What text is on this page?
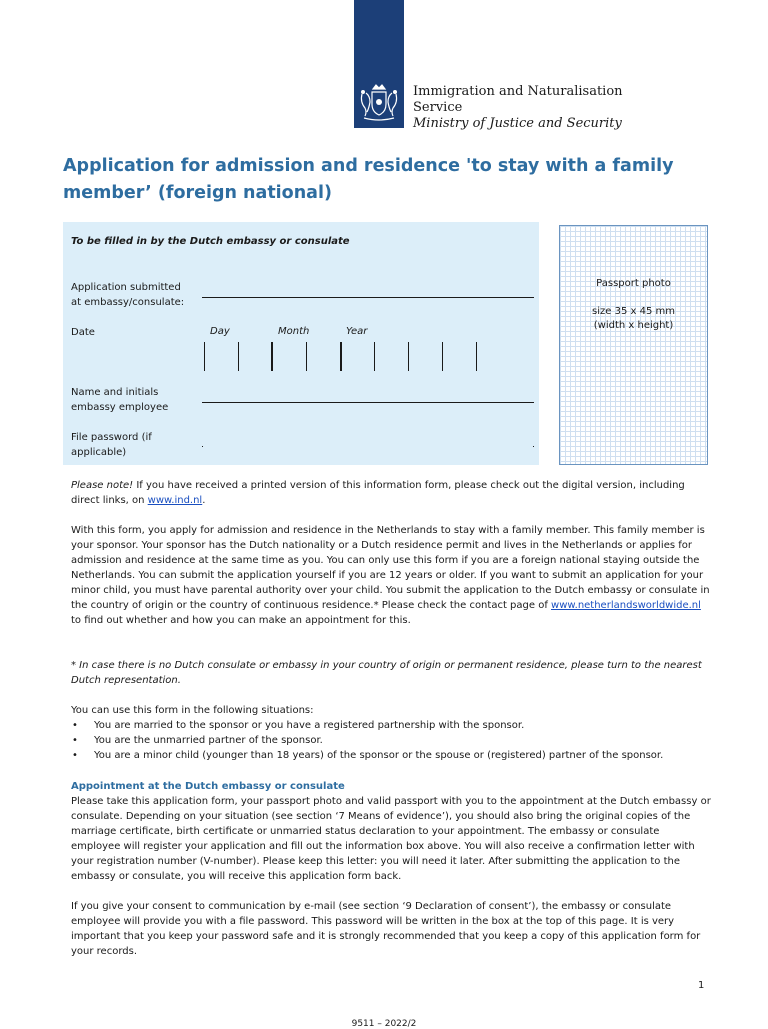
Immigration and Naturalisation
Service
Ministry of Justice and Security
Application for admission and residence 'to stay with a family member’ (foreign national)
To be filled in by the Dutch embassy or consulate
Application submitted
at embassy/consulate:
Date	Day	Month	Year
Name and initials
embassy employee
File password (if
applicable)
Passport photo
size 35 x 45 mm
(width x height)

Please note! If you have received a printed version of this information form, please check out the digital version, including direct links, on www.ind.nl.

With this form, you apply for admission and residence in the Netherlands to stay with a family member. This family member is your sponsor. Your sponsor has the Dutch nationality or a Dutch residence permit and lives in the Netherlands or applies for admission and residence at the same time as you. You can only use this form if you are a foreign national staying outside the Netherlands. You can submit the application yourself if you are 12 years or older. If you want to submit an application for your minor child, you must have parental authority over your child. You submit the application to the Dutch embassy or consulate in the country of origin or the country of continuous residence.* Please check the contact page of www.netherlandsworldwide.nl to find out whether and how you can make an appointment for this.

* In case there is no Dutch consulate or embassy in your country of origin or permanent residence, please turn to the nearest Dutch representation.

You can use this form in the following situations:

• You are married to the sponsor or you have a registered partnership with the sponsor.
• You are the unmarried partner of the sponsor.
• You are a minor child (younger than 18 years) of the sponsor or the spouse or (registered) partner of the sponsor.

Appointment at the Dutch embassy or consulate

Please take this application form, your passport photo and valid passport with you to the appointment at the Dutch embassy or consulate. Depending on your situation (see section ‘7 Means of evidence’), you should also bring the original copies of the marriage certificate, birth certificate or unmarried status declaration to your appointment. The embassy or consulate employee will register your application and fill out the information box above. You will also receive a confirmation letter with your registration number (V-number). Please keep this letter: you will need it later. After submitting the application to the embassy or consulate, you will receive this application form back.

If you give your consent to communication by e-mail (see section ‘9 Declaration of consent’), the embassy or consulate employee will provide you with a file password. This password will be written in the box at the top of this page. It is very important that you keep your password safe and it is strongly recommended that you keep a copy of this application form for your records.

1
9511 – 2022/2
